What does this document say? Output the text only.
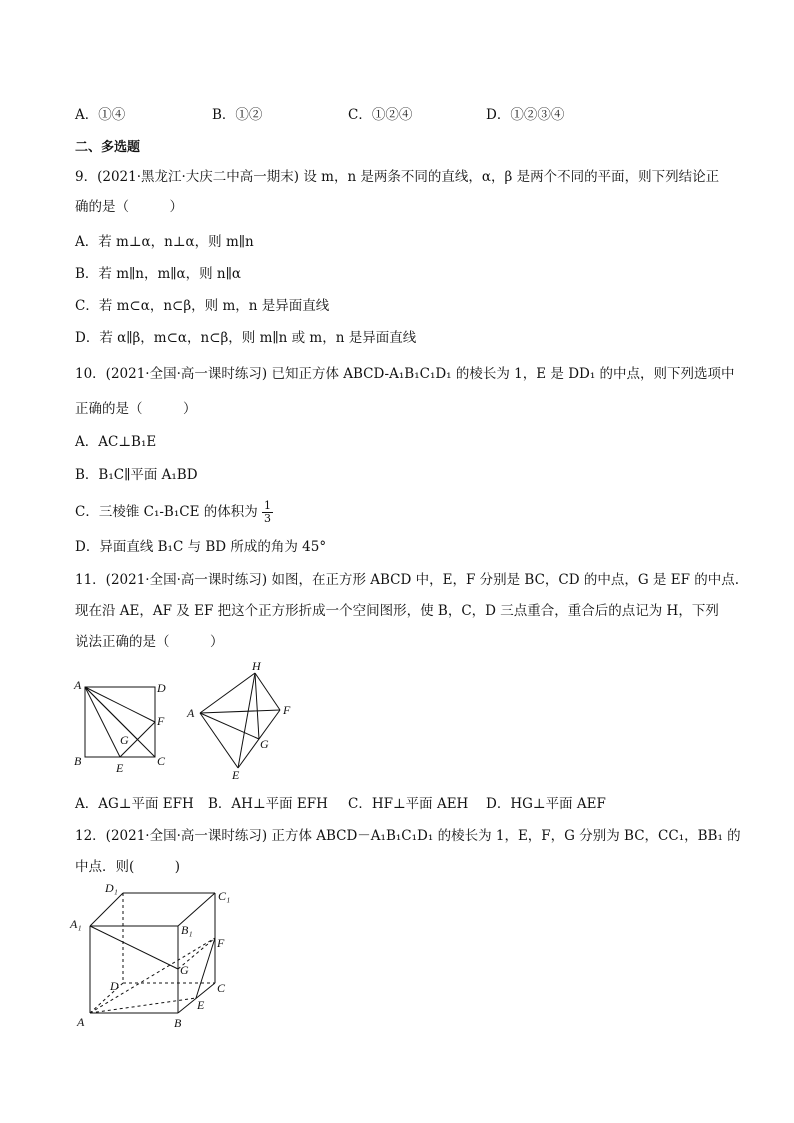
A．①④	B．①②	C．①②④	D．①②③④
二、多选题
9．(2021·黑龙江·大庆二中高一期末) 设 m，n 是两条不同的直线，α，β 是两个不同的平面，则下列结论正
确的是（　　　）
A．若 m⊥α，n⊥α，则 m∥n
B．若 m∥n，m∥α，则 n∥α
C．若 m⊂α，n⊂β，则 m，n 是异面直线
D．若 α∥β，m⊂α，n⊂β，则 m∥n 或 m，n 是异面直线
10．(2021·全国·高一课时练习) 已知正方体 ABCD-A₁B₁C₁D₁ 的棱长为 1，E 是 DD₁ 的中点，则下列选项中
正确的是（　　　）
A．AC⊥B₁E
B．B₁C∥平面 A₁BD
C．三棱锥 C₁-B₁CE 的体积为 $\frac{1}{3}$
D．异面直线 B₁C 与 BD 所成的角为 45°
11．(2021·全国·高一课时练习) 如图，在正方形 ABCD 中，E，F 分别是 BC，CD 的中点，G 是 EF 的中点.
现在沿 AE，AF 及 EF 把这个正方形折成一个空间图形，使 B，C，D 三点重合，重合后的点记为 H，下列
说法正确的是（　　　）
A	D
F
B	C
E
G
H
A	F
G
E
A．AG⊥平面 EFH B．AH⊥平面 EFH C．HF⊥平面 AEH D．HG⊥平面 AEF
12．(2021·全国·高一课时练习) 正方体 ABCD－A₁B₁C₁D₁ 的棱长为 1，E，F，G 分别为 BC，CC₁，BB₁ 的
中点．则(　　　)
D₁
C₁
A₁	B₁
F
G
D	C
E
A	B
